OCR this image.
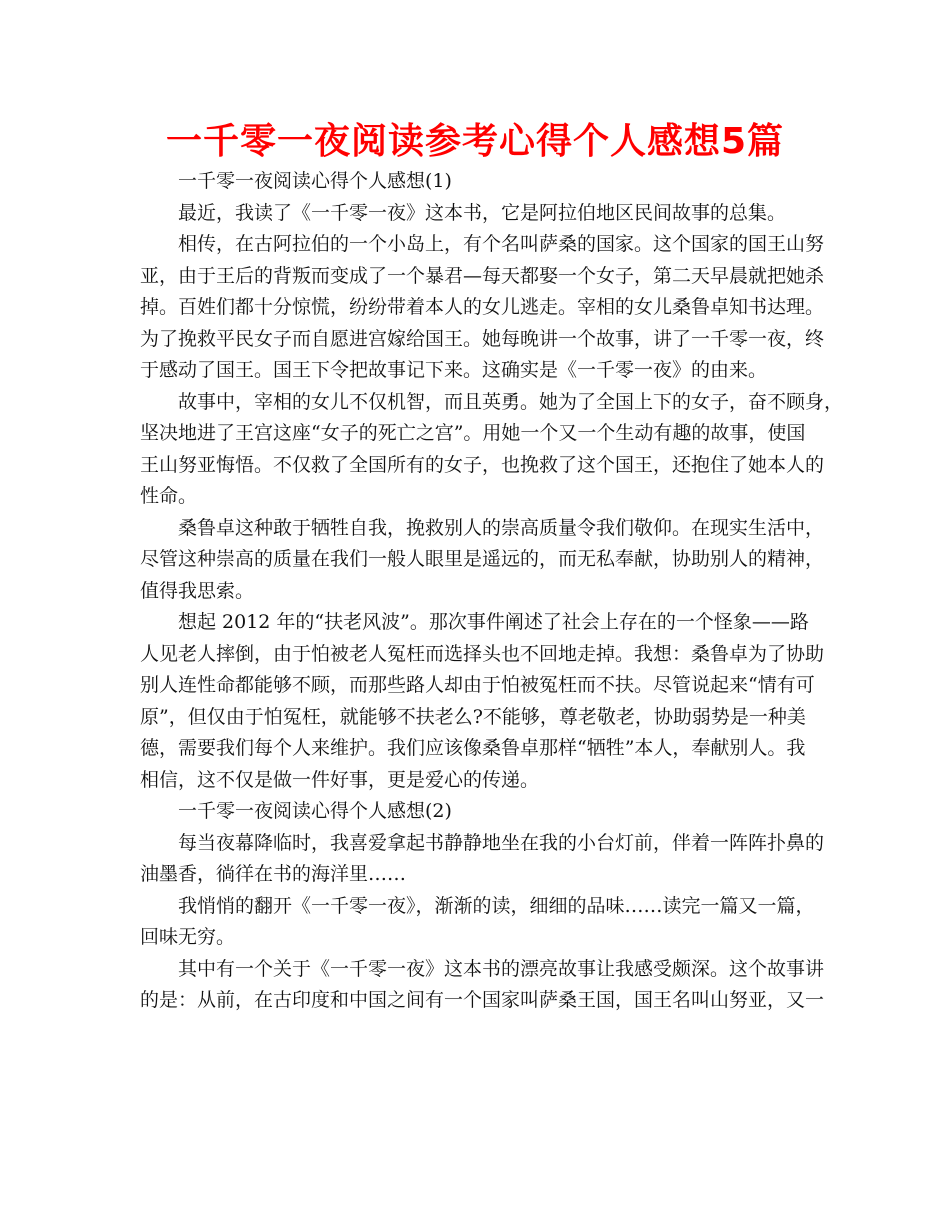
一千零一夜阅读参考心得个人感想5篇
一千零一夜阅读心得个人感想(1)
最近，我读了《一千零一夜》这本书，它是阿拉伯地区民间故事的总集。
相传，在古阿拉伯的一个小岛上，有个名叫萨桑的国家。这个国家的国王山努
亚，由于王后的背叛而变成了一个暴君—每天都娶一个女子，第二天早晨就把她杀
掉。百姓们都十分惊慌，纷纷带着本人的女儿逃走。宰相的女儿桑鲁卓知书达理。
为了挽救平民女子而自愿进宫嫁给国王。她每晚讲一个故事，讲了一千零一夜，终
于感动了国王。国王下令把故事记下来。这确实是《一千零一夜》的由来。
故事中，宰相的女儿不仅机智，而且英勇。她为了全国上下的女子，奋不顾身，
坚决地进了王宫这座“女子的死亡之宫”。用她一个又一个生动有趣的故事，使国
王山努亚悔悟。不仅救了全国所有的女子，也挽救了这个国王，还抱住了她本人的
性命。
桑鲁卓这种敢于牺牲自我，挽救别人的崇高质量令我们敬仰。在现实生活中，
尽管这种崇高的质量在我们一般人眼里是遥远的，而无私奉献，协助别人的精神，
值得我思索。
想起 2012 年的“扶老风波”。那次事件阐述了社会上存在的一个怪象——路
人见老人摔倒，由于怕被老人冤枉而选择头也不回地走掉。我想：桑鲁卓为了协助
别人连性命都能够不顾，而那些路人却由于怕被冤枉而不扶。尽管说起来“情有可
原”，但仅由于怕冤枉，就能够不扶老么?不能够，尊老敬老，协助弱势是一种美
德，需要我们每个人来维护。我们应该像桑鲁卓那样“牺牲”本人，奉献别人。我
相信，这不仅是做一件好事，更是爱心的传递。
一千零一夜阅读心得个人感想(2)
每当夜幕降临时，我喜爱拿起书静静地坐在我的小台灯前，伴着一阵阵扑鼻的
油墨香，徜徉在书的海洋里……
我悄悄的翻开《一千零一夜》，渐渐的读，细细的品味……读完一篇又一篇，
回味无穷。
其中有一个关于《一千零一夜》这本书的漂亮故事让我感受颇深。这个故事讲
的是：从前，在古印度和中国之间有一个国家叫萨桑王国，国王名叫山努亚，又一
